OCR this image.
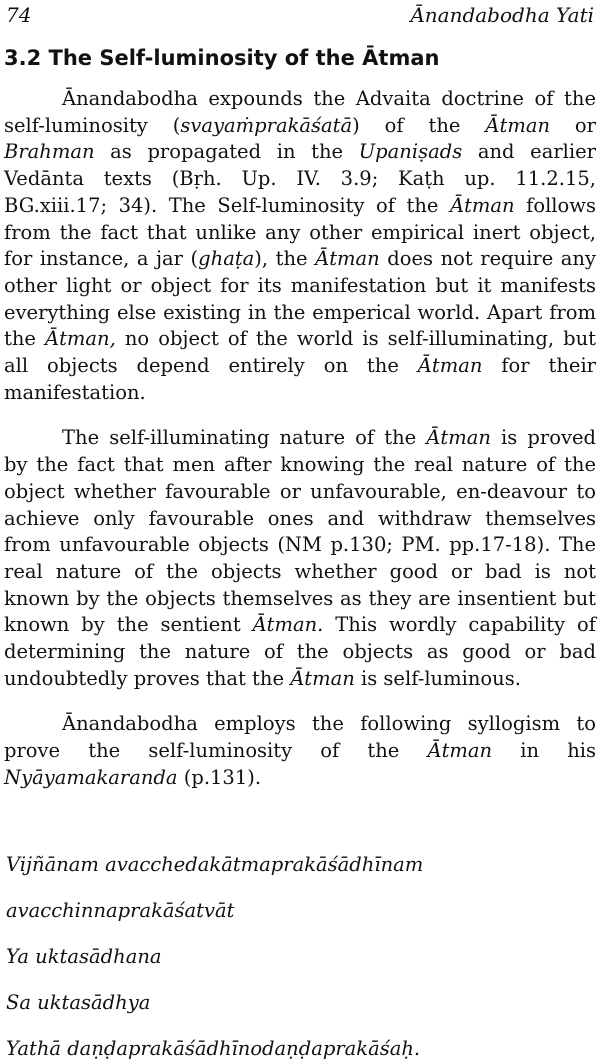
74	Ānandabodha Yati
3.2 The Self-luminosity of the Ātman

Ānandabodha expounds the Advaita doctrine of the self-luminosity (svayaṁprakāśatā) of the Ātman or Brahman as propagated in the Upaniṣads and earlier Vedānta texts (Bṛh. Up. IV. 3.9; Kaṭh up. 11.2.15, BG.xiii.17; 34). The Self-luminosity of the Ātman follows from the fact that unlike any other empirical inert object, for instance, a jar (ghaṭa), the Ātman does not require any other light or object for its manifestation but it manifests everything else existing in the emperical world. Apart from the Ātman, no object of the world is self-illuminating, but all objects depend entirely on the Ātman for their manifestation.

The self-illuminating nature of the Ātman is proved by the fact that men after knowing the real nature of the object whether favourable or unfavourable, en-deavour to achieve only favourable ones and withdraw themselves from unfavourable objects (NM p.130; PM. pp.17-18). The real nature of the objects whether good or bad is not known by the objects themselves as they are insentient but known by the sentient Ātman. This wordly capability of determining the nature of the objects as good or bad undoubtedly proves that the Ātman is self-luminous.

Ānandabodha employs the following syllogism to prove the self-luminosity of the Ātman in his Nyāyamakaranda (p.131).

Vijñānam avacchedakātmaprakāśādhīnam

avacchinnaprakāśatvāt

Ya uktasādhana

Sa uktasādhya

Yathā daṇḍaprakāśādhīnodaṇḍaprakāśaḥ.
